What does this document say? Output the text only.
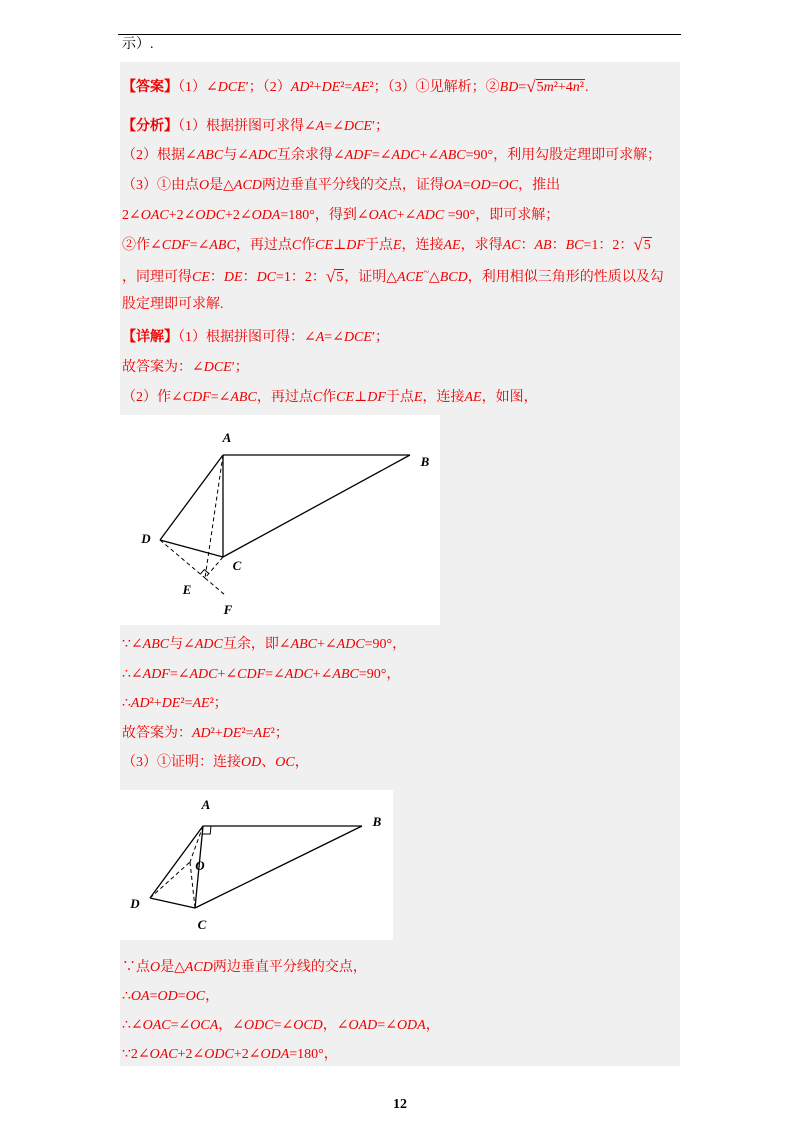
示）.
【答案】（1）∠DCE′；（2）AD²+DE²=AE²；（3）①见解析；②BD= √ 5m²+4n².
【分析】（1）根据拼图可求得∠A=∠DCE′；
（2）根据∠ABC与∠ADC互余求得∠ADF=∠ADC+∠ABC=90°，利用勾股定理即可求解；
（3）①由点O是△ACD两边垂直平分线的交点，证得OA=OD=OC，推出
2∠OAC+2∠ODC+2∠ODA=180°，得到∠OAC+∠ADC =90°，即可求解；
②作∠CDF=∠ABC，再过点C作CE⊥DF于点E，连接AE，求得AC：AB：BC=1：2： √ 5
，同理可得CE：DE：DC=1：2： √ 5，证明△ACE~△BCD，利用相似三角形的性质以及勾
股定理即可求解.
【详解】（1）根据拼图可得：∠A=∠DCE′；
故答案为：∠DCE′；
（2）作∠CDF=∠ABC，再过点C作CE⊥DF于点E，连接AE，如图，
A
B
D
C
E
F
∵∠ABC与∠ADC互余，即∠ABC+∠ADC=90°，
∴∠ADF=∠ADC+∠CDF=∠ADC+∠ABC=90°，
∴AD²+DE²=AE²；
故答案为：AD²+DE²=AE²；
（3）①证明：连接OD、OC，
A
B
O
D
C
∵点O是△ACD两边垂直平分线的交点，
∴OA=OD=OC，
∴∠OAC=∠OCA，∠ODC=∠OCD，∠OAD=∠ODA，
∵2∠OAC+2∠ODC+2∠ODA=180°，
12
